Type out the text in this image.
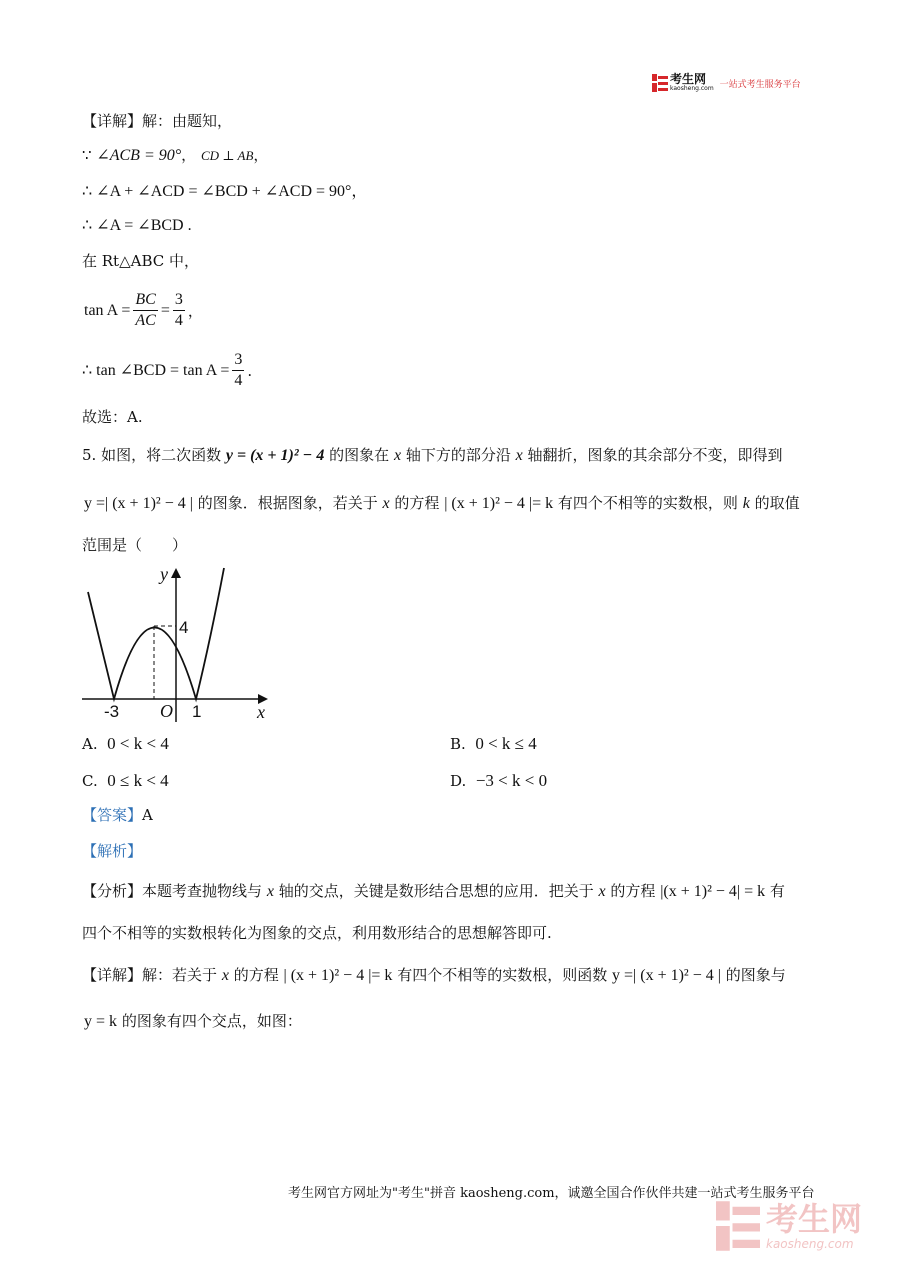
考生网
kaosheng.com 一站式考生服务平台
【详解】解：由题知，
∵ ∠ACB = 90°， CD ⊥ AB，
∴ ∠A + ∠ACD = ∠BCD + ∠ACD = 90°，
∴ ∠A = ∠BCD .
在 Rt△ABC 中，
$\tan A = \frac{BC}{AC} = \frac{3}{4}$ ，
∴ tan ∠BCD = $\tan A = \frac{3}{4}$ .
故选：A.
5. 如图，将二次函数 y = (x + 1)² − 4 的图象在 x 轴下方的部分沿 x 轴翻折，图象的其余部分不变，即得到
y =| (x + 1)² − 4 | 的图象．根据图象，若关于 x 的方程 | (x + 1)² − 4 |= k 有四个不相等的实数根，则 k 的取值
范围是（　　）
y
4
-3 O 1	x
A. 0 < k < 4	B. 0 < k ≤ 4
C. 0 ≤ k < 4	D. −3 < k < 0
【答案】A
【解析】
【分析】本题考查抛物线与 x 轴的交点，关键是数形结合思想的应用．把关于 x 的方程 |(x + 1)² − 4| = k 有
四个不相等的实数根转化为图象的交点，利用数形结合的思想解答即可.
【详解】解：若关于 x 的方程 | (x + 1)² − 4 |= k 有四个不相等的实数根，则函数 y =| (x + 1)² − 4 | 的图象与
y = k 的图象有四个交点，如图：
考生网官方网址为"考生"拼音 kaosheng.com，诚邀全国合作伙伴共建一站式考生服务平台
考生网
kaosheng.com
